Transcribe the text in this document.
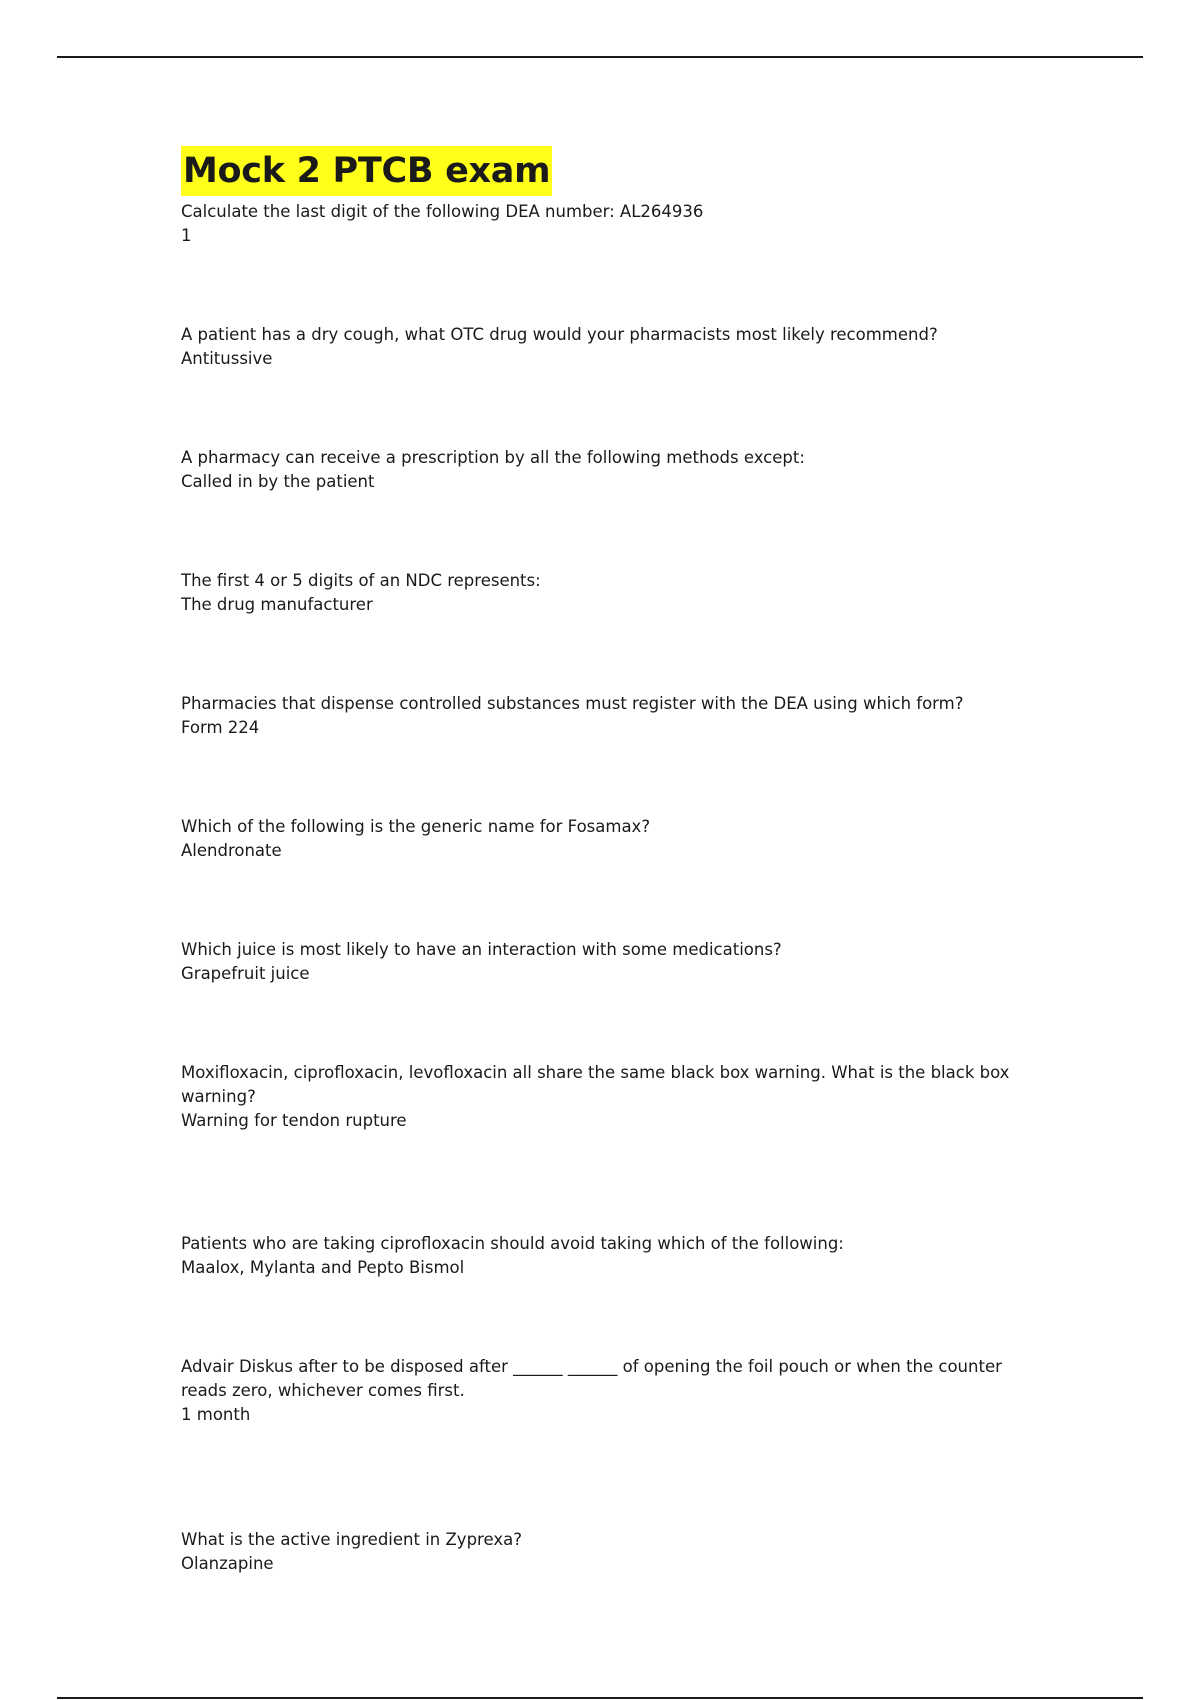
Mock 2 PTCB exam

Calculate the last digit of the following DEA number: AL264936

1

A patient has a dry cough, what OTC drug would your pharmacists most likely recommend?

Antitussive

A pharmacy can receive a prescription by all the following methods except:

Called in by the patient

The first 4 or 5 digits of an NDC represents:

The drug manufacturer

Pharmacies that dispense controlled substances must register with the DEA using which form?

Form 224

Which of the following is the generic name for Fosamax?

Alendronate

Which juice is most likely to have an interaction with some medications?

Grapefruit juice

Moxifloxacin, ciprofloxacin, levofloxacin all share the same black box warning. What is the black box warning?

Warning for tendon rupture

Patients who are taking ciprofloxacin should avoid taking which of the following:

Maalox, Mylanta and Pepto Bismol

Advair Diskus after to be disposed after ______ ______ of opening the foil pouch or when the counter reads zero, whichever comes first.

1 month

What is the active ingredient in Zyprexa?

Olanzapine
